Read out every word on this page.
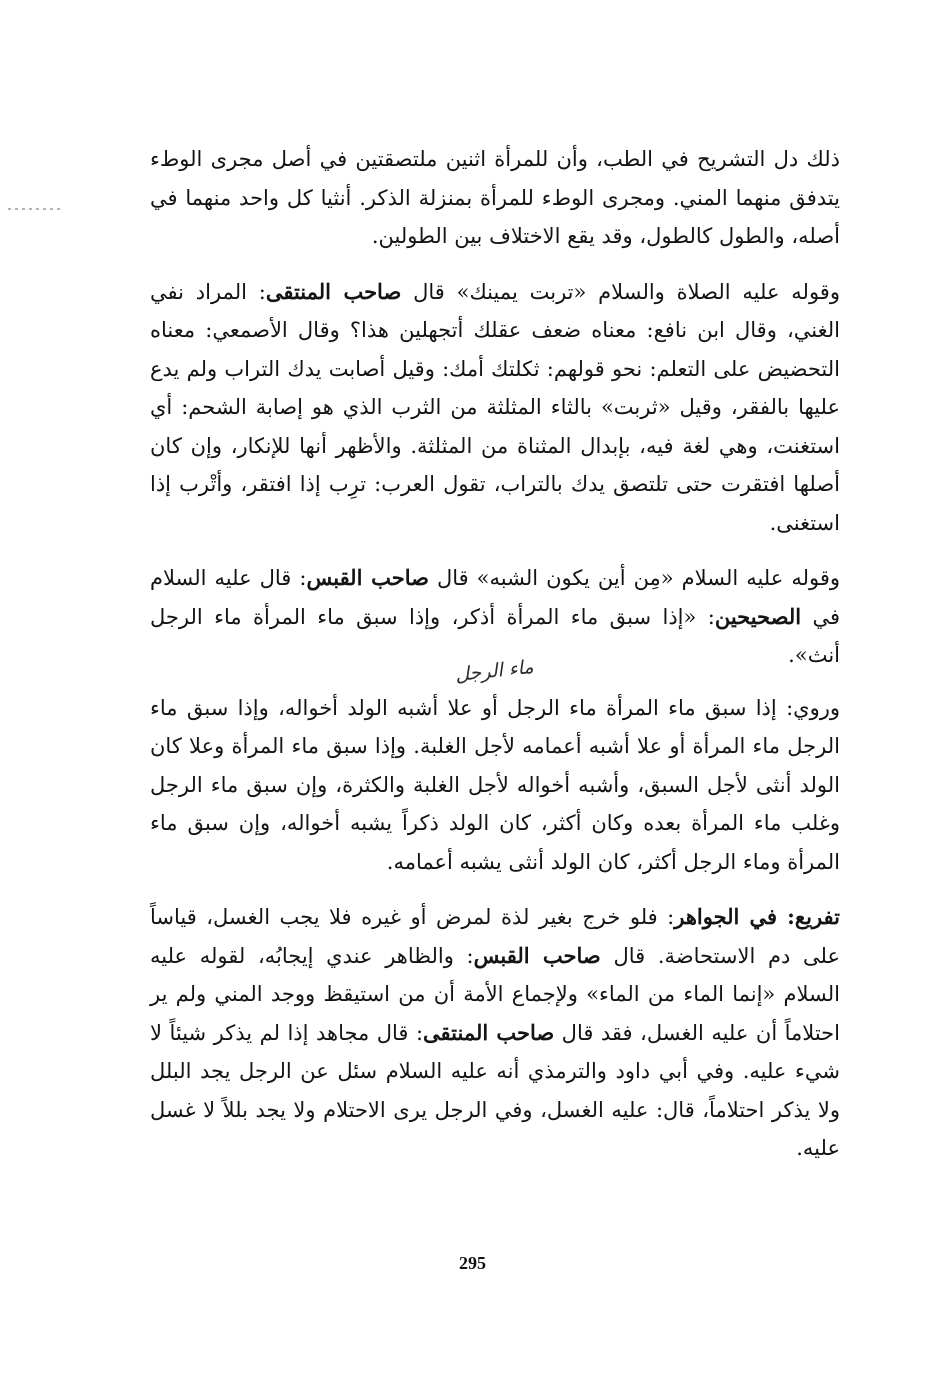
ذلك دل التشريح في الطب، وأن للمرأة اثنين ملتصقتين في أصل مجرى الوطء يتدفق منهما المني. ومجرى الوطء للمرأة بمنزلة الذكر. أنثيا كل واحد منهما في أصله، والطول كالطول، وقد يقع الاختلاف بين الطولين.

وقوله عليه الصلاة والسلام «تربت يمينك» قال صاحب المنتقى: المراد نفي الغني، وقال ابن نافع: معناه ضعف عقلك أتجهلين هذا؟ وقال الأصمعي: معناه التحضيض على التعلم: نحو قولهم: ثكلتك أمك: وقيل أصابت يدك التراب ولم يدع عليها بالفقر، وقيل «ثربت» بالثاء المثلثة من الثرب الذي هو إصابة الشحم: أي استغنت، وهي لغة فيه، بإبدال المثناة من المثلثة. والأظهر أنها للإنكار، وإن كان أصلها افتقرت حتى تلتصق يدك بالتراب، تقول العرب: ترِب إذا افتقر، وأتْرب إذا استغنى.

وقوله عليه السلام «مِن أين يكون الشبه» قال صاحب القبس: قال عليه السلام في الصحيحين: «إذا سبق ماء المرأة أذكر، وإذا سبق ماء المرأة ماء الرجل أنث».

وروي: إذا سبق ماء المرأة ماء الرجل أو علا أشبه الولد أخواله، وإذا سبق ماء الرجل ماء المرأة أو علا أشبه أعمامه لأجل الغلبة. وإذا سبق ماء المرأة وعلا كان الولد أنثى لأجل السبق، وأشبه أخواله لأجل الغلبة والكثرة، وإن سبق ماء الرجل وغلب ماء المرأة بعده وكان أكثر، كان الولد ذكراً يشبه أخواله، وإن سبق ماء المرأة وماء الرجل أكثر، كان الولد أنثى يشبه أعمامه.

تفريع: في الجواهر: فلو خرج بغير لذة لمرض أو غيره فلا يجب الغسل، قياساً على دم الاستحاضة. قال صاحب القبس: والظاهر عندي إيجابُه، لقوله عليه السلام «إنما الماء من الماء» ولإجماع الأمة أن من استيقظ ووجد المني ولم ير احتلاماً أن عليه الغسل، فقد قال صاحب المنتقى: قال مجاهد إذا لم يذكر شيئاً لا شيء عليه. وفي أبي داود والترمذي أنه عليه السلام سئل عن الرجل يجد البلل ولا يذكر احتلاماً، قال: عليه الغسل، وفي الرجل يرى الاحتلام ولا يجد بللاً لا غسل عليه.

ماء الرجل
295
